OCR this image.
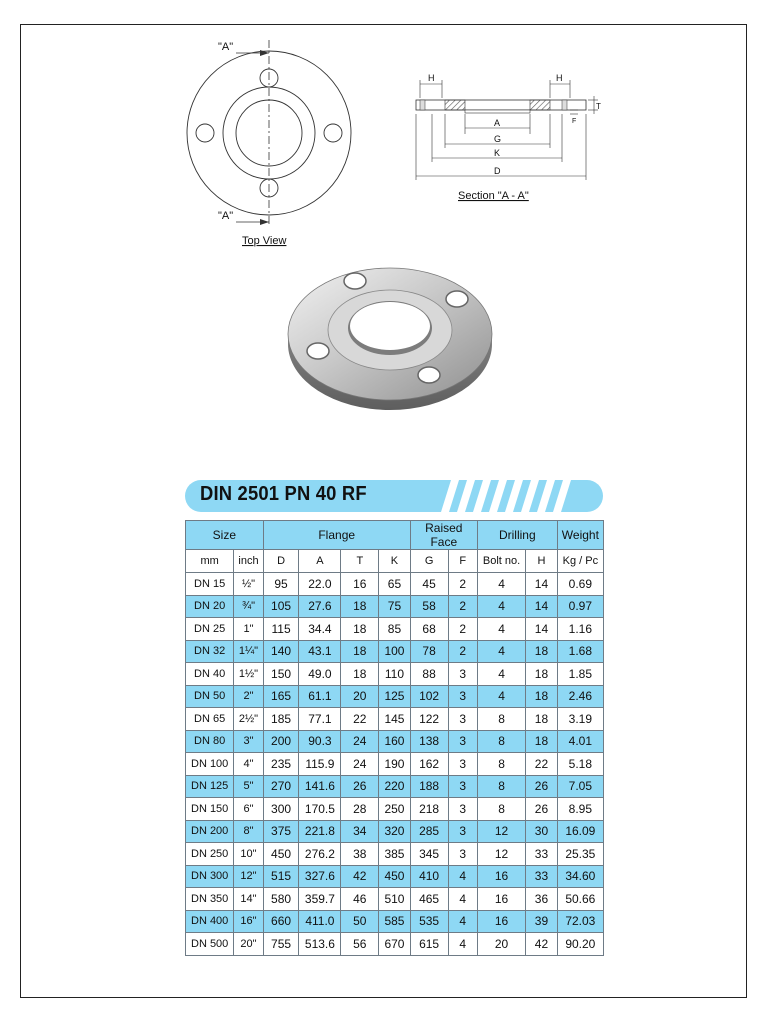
"A"
"A"
Top View
H	H
T
F
A
G
K
D
Section "A - A"
DIN 2501 PN 40 RF
Size		Flange				Raised Face		Drilling		Weight
mm	inch	D	A	T	K	G	F	Bolt no.	H	Kg / Pc
DN 15	½"	95	22.0	16	65	45	2	4	14	0.69
DN 20	¾"	105	27.6	18	75	58	2	4	14	0.97
DN 25	1"	115	34.4	18	85	68	2	4	14	1.16
DN 32	1¼"	140	43.1	18	100	78	2	4	18	1.68
DN 40	1½"	150	49.0	18	110	88	3	4	18	1.85
DN 50	2"	165	61.1	20	125	102	3	4	18	2.46
DN 65	2½"	185	77.1	22	145	122	3	8	18	3.19
DN 80	3"	200	90.3	24	160	138	3	8	18	4.01
DN 100	4"	235	115.9	24	190	162	3	8	22	5.18
DN 125	5"	270	141.6	26	220	188	3	8	26	7.05
DN 150	6"	300	170.5	28	250	218	3	8	26	8.95
DN 200	8"	375	221.8	34	320	285	3	12	30	16.09
DN 250	10"	450	276.2	38	385	345	3	12	33	25.35
DN 300	12"	515	327.6	42	450	410	4	16	33	34.60
DN 350	14"	580	359.7	46	510	465	4	16	36	50.66
DN 400	16"	660	411.0	50	585	535	4	16	39	72.03
DN 500	20"	755	513.6	56	670	615	4	20	42	90.20
